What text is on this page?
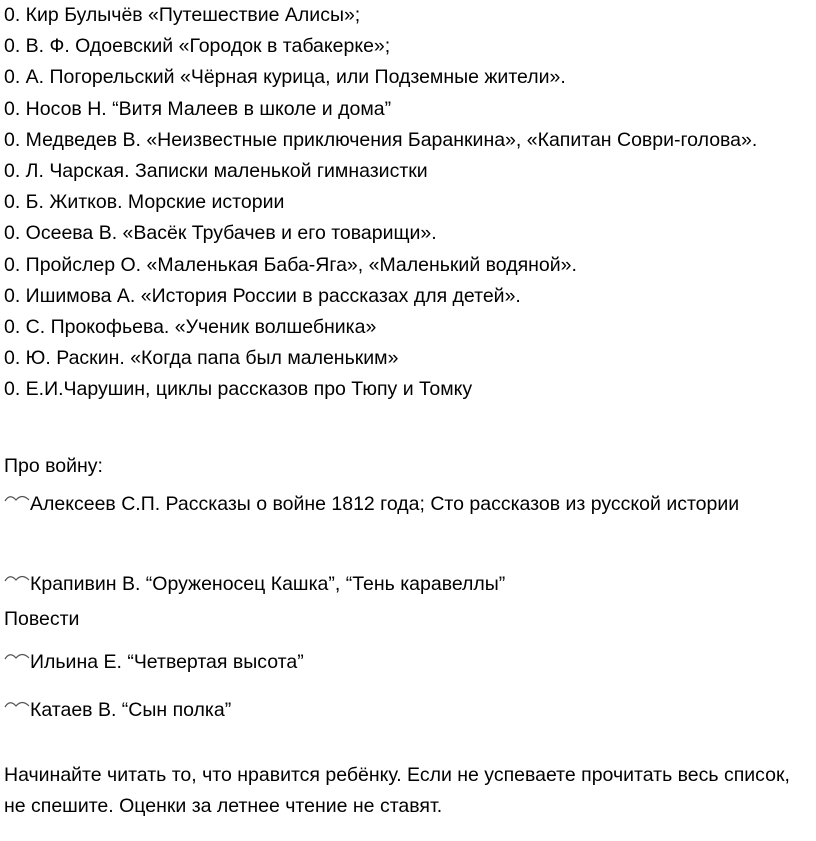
0. Кир Булычёв «Путешествие Алисы»;
0. В. Ф. Одоевский «Городок в табакерке»;
0. А. Погорельский «Чёрная курица, или Подземные жители».
0. Носов Н. “Витя Малеев в школе и дома”
0. Медведев В. «Неизвестные приключения Баранкина», «Капитан Соври-голова».
0. Л. Чарская. Записки маленькой гимназистки
0. Б. Житков. Морские истории
0. Осеева В. «Васёк Трубачев и его товарищи».
0. Пройслер О. «Маленькая Баба-Яга», «Маленький водяной».
0. Ишимова А. «История России в рассказах для детей».
0. С. Прокофьева. «Ученик волшебника»
0. Ю. Раскин. «Когда папа был маленьким»
0. Е.И.Чарушин, циклы рассказов про Тюпу и Томку
Про войну:
Алексеев С.П. Рассказы о войне 1812 года; Сто рассказов из русской истории
Крапивин В. “Оруженосец Кашка”, “Тень каравеллы”
Повести
Ильина Е. “Четвертая высота”
Катаев В. “Сын полка”
Начинайте читать то, что нравится ребёнку. Если не успеваете прочитать весь список, не спешите. Оценки за летнее чтение не ставят.
